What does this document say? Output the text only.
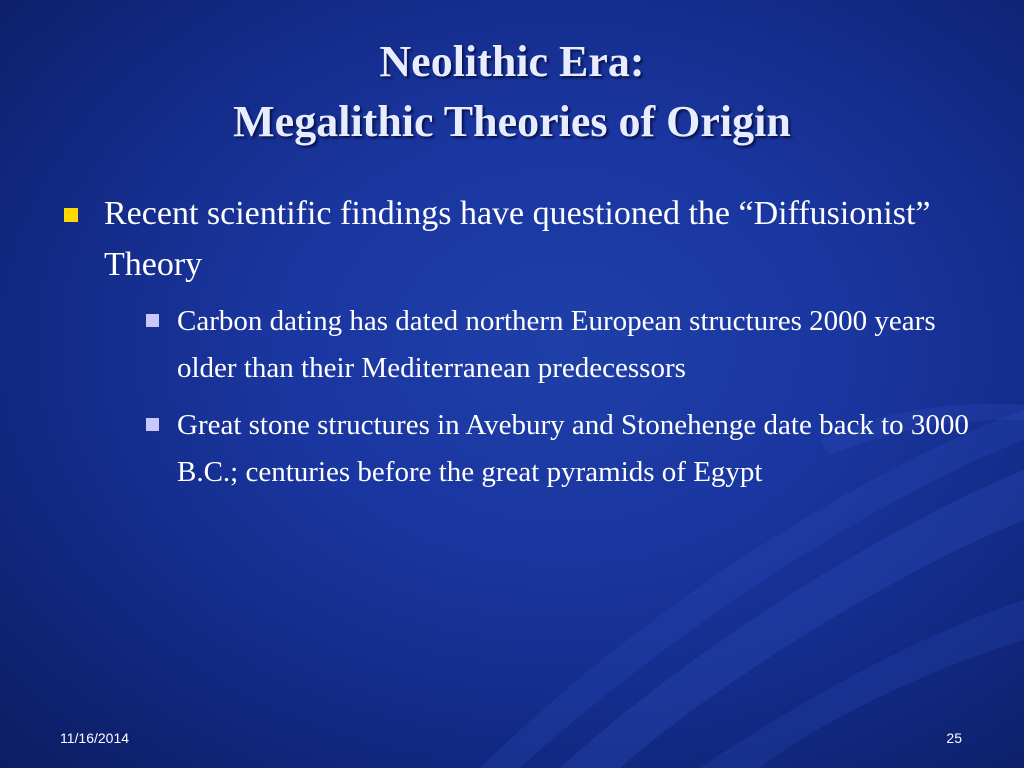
Neolithic Era:
Megalithic Theories of Origin
Recent scientific findings have questioned the “Diffusionist” Theory
Carbon dating has dated northern European structures 2000 years older than their Mediterranean predecessors
Great stone structures in Avebury and Stonehenge date back to 3000 B.C.; centuries before the great pyramids of Egypt
11/16/2014	25
